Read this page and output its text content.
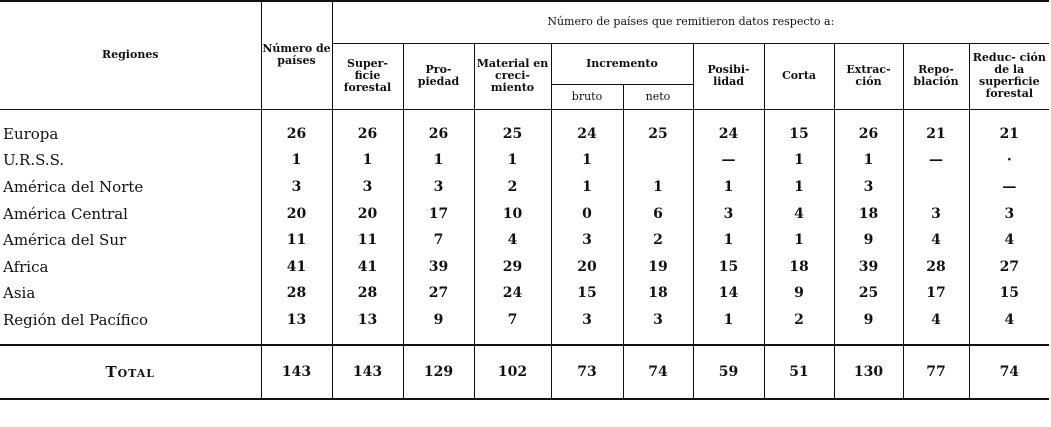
Regiones	Número de países	Número de países que remitieron datos respecto a:									
		Super- ficie forestal	Pro- piedad	Material en creci- miento	Incremento		Posibi- lidad	Corta	Extrac- ción	Repo- blación	Reduc- ción de la superficie forestal
					bruto	neto					

Europa	26	26	26	25	24	25	24	15	26	21	21
U.R.S.S.	1	1	1	1	1		—	1	1	—	·
América del Norte	3	3	3	2	1	1	1	1	3		—
América Central	20	20	17	10	0	6	3	4	18	3	3
América del Sur	11	11	7	4	3	2	1	1	9	4	4
Africa	41	41	39	29	20	19	15	18	39	28	27
Asia	28	28	27	24	15	18	14	9	25	17	15
Región del Pacífico	13	13	9	7	3	3	1	2	9	4	4

Total	143	143	129	102	73	74	59	51	130	77	74
